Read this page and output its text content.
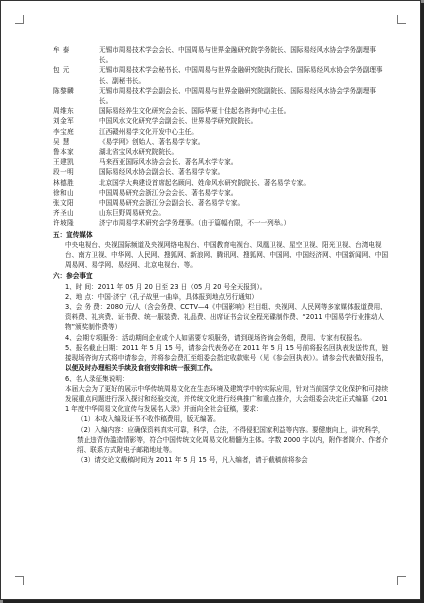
牟 泰	无锡市周易技术学会会长、中国周易与世界金融研究院学务院长、国际易经风水协会学务副理事长。
包 元	无锡市周易技术学会秘书长、中国周易与世界金融研究院执行院长、国际易经风水协会学务副理事长、副秘书长。
陈黎麟	无锡市周易技术学会副会长、中国周易与世界金融研究院副院长、国际易经风水协会学务副理事长。
周维东	国际易经养生文化研究会会长、国际华夏十佳起名咨询中心主任。
刘金军	中国风水文化研究学会副会长、世界易学研究院院长。
李宝庭	江西赣州易学文化开发中心主任。
吴 慧	《易学网》创始人、著名易学专家。
鲁本家	湖北省宝风水研究院院长。
王建凯	马来西亚国际风水协会会长、著名风水学专家。
段一明	国际易经风水协会副会长、著名易学专家。
林德胜	北京国学大典建设首席起名顾问、姓命风水研究院院长、著名易学专家。
徐和山	中国周易研究会浙江分会会长、著名易学专家。
张文阳	中国周易研究会浙江分会副会长、著名易学专家。
齐圣山	山东巨野周易研究会。
许坡隆	济宁市周易学术研究会学务理事。（由于篇幅有限，不一一列举。）
五：宣传媒体
中央电视台、央视国际频道及央视网络电视台、中国教育电视台、凤凰卫视、星空卫视、阳光卫视、台湾电视台、南方卫视、中华网、人民网、搜狐网、新浪网、腾讯网、搜狐网、中国网、中国经济网、中国新闻网、中国周易网、易学网、易经网、北京电视台、等。
六：参会事宜
1、时 间：2011 年 05 月 20 日至 23 日（05 月 20 号全天报到）。
2、地 点：中国·济宁（孔子故里一曲阜，具体报到地点另行通知）
3、会 务 费：2080 元/人（含会务费、CCTV—4《中国影响》栏目组、央视网、人民网等多家媒体报道费用、资料费、礼宾费、证书费、统一服装费、礼品费、出席证书会议全程光碟制作费、“2011 中国易学行业推动人物”颁奖制作费等）
4、会期专项服务：活动期间企业或个人如需要专项服务，请到现场咨询会务组，费用、专家有权报名。
5、报名截止日期：2011 年 5 月 15 号，请参会代表务必在 2011 年 5 月 15 号前将报名回执表发送传真，链接现场咨询方式将申请参会，并将参会费汇至组委会指定收款账号（见《参会回执表》）。请参会代表做好报名，以便及时办理相关手续及食宿安排和统一报到工作。
6、名人录征集说明：
本届大会为了更好的展示中华传统周易文化在生态环境及建筑学中的实际应用，针对当前国学文化保护和可持续发展重点问题进行深入探讨和经验交流，并传统文化进行经典推广和重点推介，大会组委会决定正式编纂《2011 年度中华周易文化宣传与发展名人录》并面向全社会征稿，要求：
（1）本收入编及证书不收作稿费用，版无编著。
（2）入编内容：应确保资料真实可靠，科学，合法，不得侵犯国家利益等内容。要健康向上，讲究科学，禁止违背伪滥造情影等，符合中国传统文化周易文化精髓为主体。字数 2000 字以内，附作者简介、作者介绍、联系方式附电子邮箱地址等。
（3）请交论文截稿时间为 2011 年 5 月 15 号，凡入编者，请于截稿前将参会
